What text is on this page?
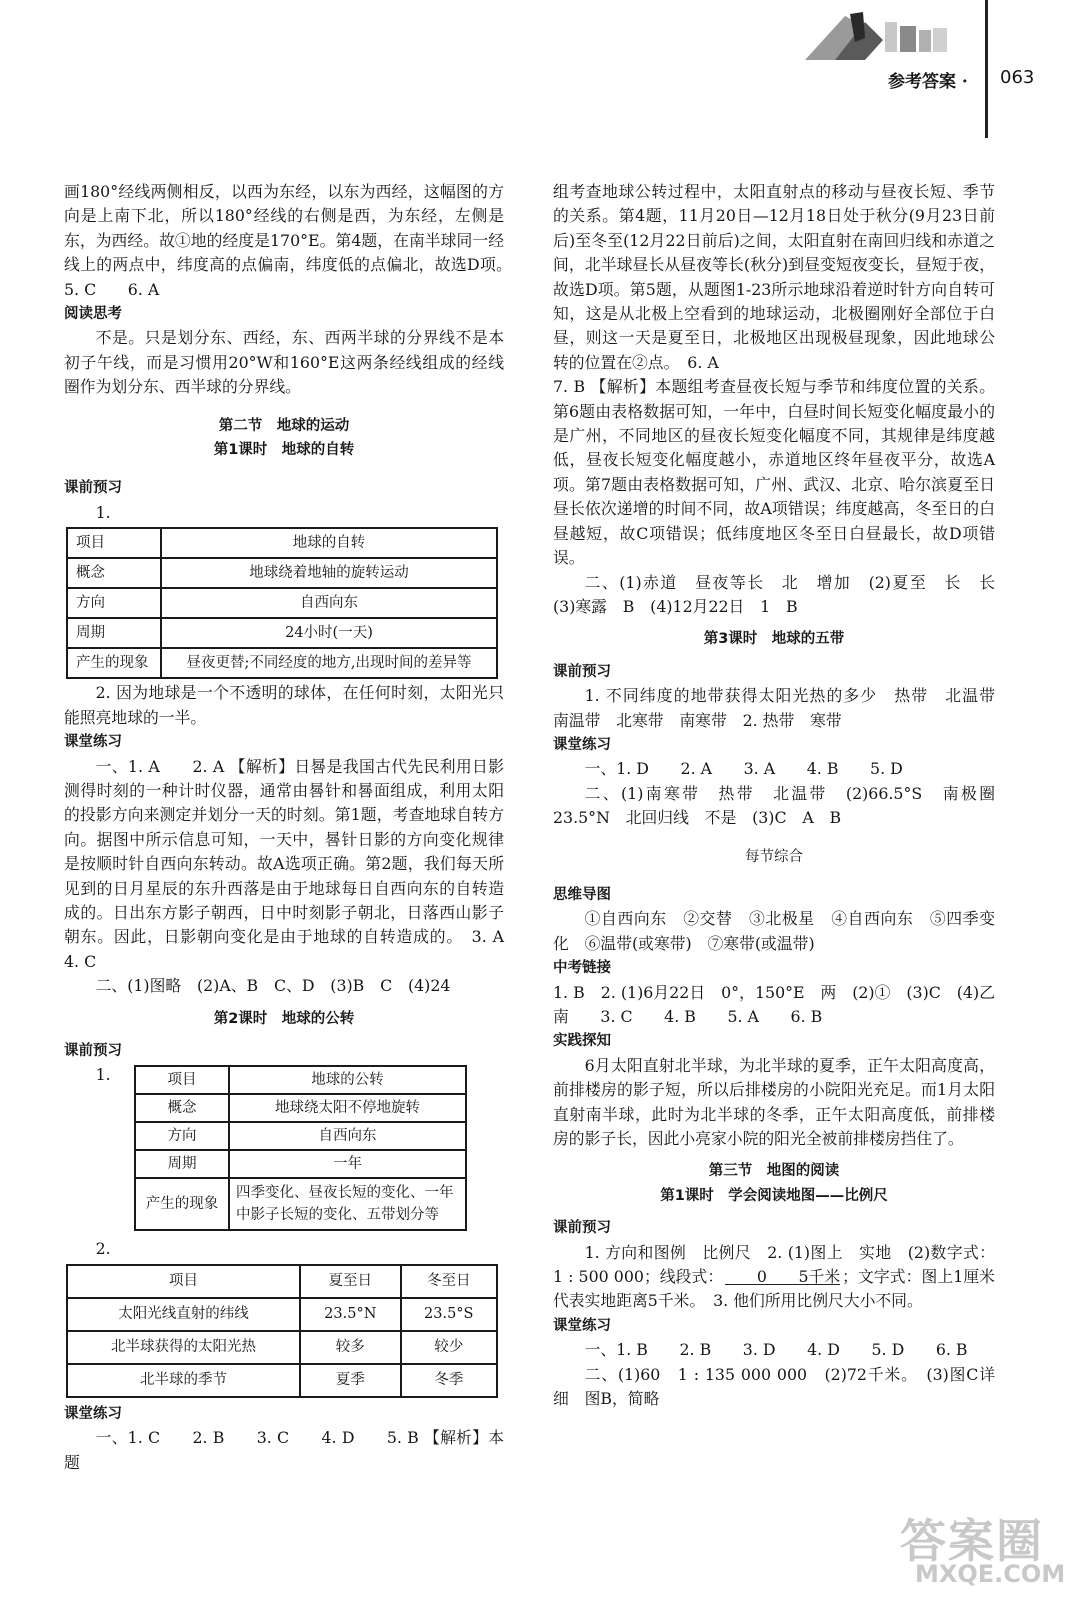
参考答案 · 063

画180°经线两侧相反，以西为东经，以东为西经，这幅图的方向是上南下北，所以180°经线的右侧是西，为东经，左侧是东，为西经。故①地的经度是170°E。第4题，在南半球同一经线上的两点中，纬度高的点偏南，纬度低的点偏北，故选D项。　5. C　　6. A

阅读思考

不是。只是划分东、西经，东、西两半球的分界线不是本初子午线，而是习惯用20°W和160°E这两条经线组成的经线圈作为划分东、西半球的分界线。

第二节　地球的运动

第1课时　地球的自转

课前预习

1.

项目	地球的自转
概念	地球绕着地轴的旋转运动
方向	自西向东
周期	24小时(一天)
产生的现象	昼夜更替;不同经度的地方,出现时间的差异等

2. 因为地球是一个不透明的球体，在任何时刻，太阳光只能照亮地球的一半。

课堂练习

一、1. A　　2. A 【解析】日晷是我国古代先民利用日影测得时刻的一种计时仪器，通常由晷针和晷面组成，利用太阳的投影方向来测定并划分一天的时刻。第1题，考查地球自转方向。据图中所示信息可知，一天中，晷针日影的方向变化规律是按顺时针自西向东转动。故A选项正确。第2题，我们每天所见到的日月星辰的东升西落是由于地球每日自西向东的自转造成的。日出东方影子朝西，日中时刻影子朝北，日落西山影子朝东。因此，日影朝向变化是由于地球的自转造成的。　3. A　　4. C

二、(1)图略　(2)A、B　C、D　(3)B　C　(4)24

第2课时　地球的公转

课前预习

1.	项目	地球的公转
概念	地球绕太阳不停地旋转
方向	自西向东
周期	一年
产生的现象	四季变化、昼夜长短的变化、一年中影子长短的变化、五带划分等

2.

项目	夏至日	冬至日
太阳光线直射的纬线	23.5°N	23.5°S
北半球获得的太阳光热	较多	较少
北半球的季节	夏季	冬季

课堂练习

一、1. C　　2. B　　3. C　　4. D　　5. B 【解析】本题

组考查地球公转过程中，太阳直射点的移动与昼夜长短、季节的关系。第4题，11月20日—12月18日处于秋分(9月23日前后)至冬至(12月22日前后)之间，太阳直射在南回归线和赤道之间，北半球昼长从昼夜等长(秋分)到昼变短夜变长，昼短于夜，故选D项。第5题，从题图1-23所示地球沿着逆时针方向自转可知，这是从北极上空看到的地球运动，北极圈刚好全部位于白昼，则这一天是夏至日，北极地区出现极昼现象，因此地球公转的位置在②点。　6. A

7. B 【解析】本题组考查昼夜长短与季节和纬度位置的关系。第6题由表格数据可知，一年中，白昼时间长短变化幅度最小的是广州，不同地区的昼夜长短变化幅度不同，其规律是纬度越低，昼夜长短变化幅度越小，赤道地区终年昼夜平分，故选A项。第7题由表格数据可知，广州、武汉、北京、哈尔滨夏至日昼长依次递增的时间不同，故A项错误；纬度越高，冬至日的白昼越短，故C项错误；低纬度地区冬至日白昼最长，故D项错误。

二、(1)赤道　昼夜等长　北　增加　(2)夏至　长　长　(3)寒露　B　(4)12月22日　1　B

第3课时　地球的五带

课前预习

1. 不同纬度的地带获得太阳光热的多少　热带　北温带　南温带　北寒带　南寒带　2. 热带　寒带

课堂练习

一、1. D　　2. A　　3. A　　4. B　　5. D

二、(1)南寒带　热带　北温带　(2)66.5°S　南极圈　23.5°N　北回归线　不是　(3)C　A　B

每节综合

思维导图

①自西向东　②交替　③北极星　④自西向东　⑤四季变化　⑥温带(或寒带)　⑦寒带(或温带)

中考链接

1. B　2. (1)6月22日　0°，150°E　两　(2)①　(3)C　(4)乙　南　　3. C　　4. B　　5. A　　6. B

实践探知

6月太阳直射北半球，为北半球的夏季，正午太阳高度高，前排楼房的影子短，所以后排楼房的小院阳光充足。而1月太阳直射南半球，此时为北半球的冬季，正午太阳高度低，前排楼房的影子长，因此小亮家小院的阳光全被前排楼房挡住了。

第三节　地图的阅读

第1课时　学会阅读地图——比例尺

课前预习

1. 方向和图例　比例尺　2. (1)图上　实地　(2)数字式：1 : 500 000；线段式： 0　　5千米 ；文字式：图上1厘米代表实地距离5千米。　3. 他们所用比例尺大小不同。

课堂练习

一、1. B　　2. B　　3. D　　4. D　　5. D　　6. B

二、(1)60　1 : 135 000 000　(2)72千米。　(3)图C详细　图B，简略

答案圈
MXQE.COM
